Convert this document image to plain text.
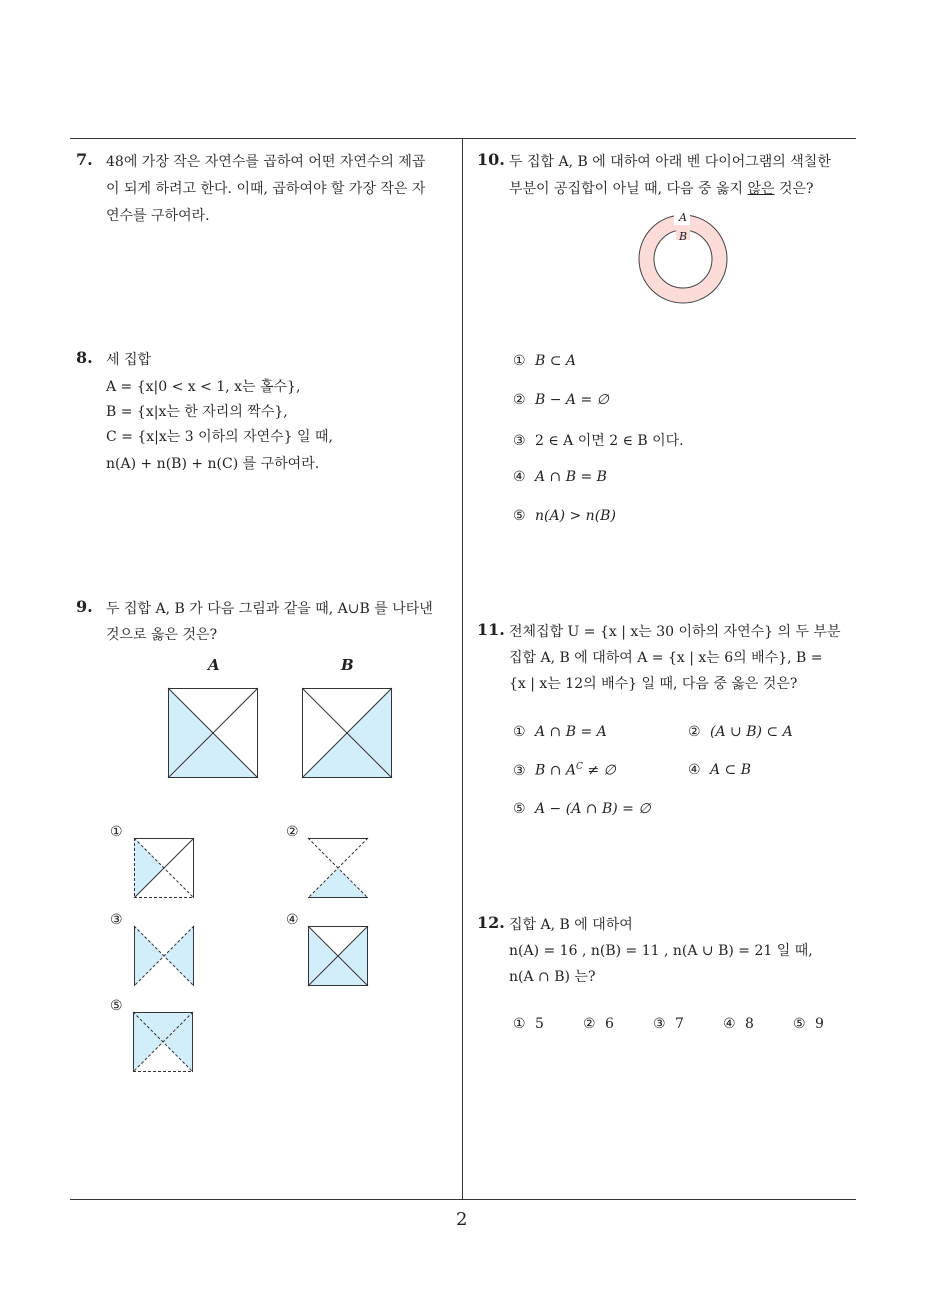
7. 48에 가장 작은 자연수를 곱하여 어떤 자연수의 제곱
이 되게 하려고 한다. 이때, 곱하여야 할 가장 작은 자
연수를 구하여라.
8. 세 집합
A = {x|0 < x < 1, x는 홀수},
B = {x|x는 한 자리의 짝수},
C = {x|x는 3 이하의 자연수} 일 때,
n(A) + n(B) + n(C) 를 구하여라.
9. 두 집합 A, B 가 다음 그림과 같을 때, A∪B 를 나타낸
것으로 옳은 것은?
A	B
①	②
③	④
⑤
10. 두 집합 A, B 에 대하여 아래 벤 다이어그램의 색칠한
부분이 공집합이 아닐 때, 다음 중 옳지 않은 것은?
A
B
① B ⊂ A
② B − A = ∅
③ 2 ∈ A 이면 2 ∈ B 이다.
④ A ∩ B = B
⑤ n(A) > n(B)
11. 전체집합 U = {x | x는 30 이하의 자연수} 의 두 부분
집합 A, B 에 대하여 A = {x | x는 6의 배수}, B =
{x | x는 12의 배수} 일 때, 다음 중 옳은 것은?
① A ∩ B = A	② (A ∪ B) ⊂ A
③ B ∩ $A^C$ ≠ ∅	④ A ⊂ B
⑤ A − (A ∩ B) = ∅
12. 집합 A, B 에 대하여
n(A) = 16 , n(B) = 11 , n(A ∪ B) = 21 일 때,
n(A ∩ B) 는?
① 5	② 6	③ 7	④ 8	⑤ 9
2
